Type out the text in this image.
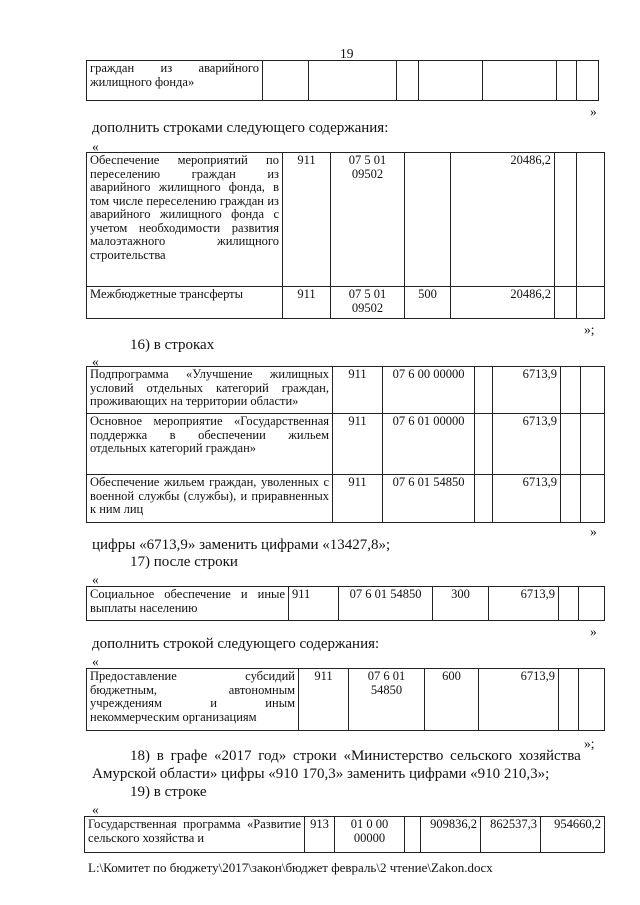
19
граждан из аварийного жилищного фонда»							
»
дополнить строками следующего содержания:
«
Обеспечение мероприятий по переселению граждан из аварийного жилищного фонда, в том числе переселению граждан из аварийного жилищного фонда с учетом необходимости развития малоэтажного жилищного строительства	911	07 5 01 09502		20486,2		
Межбюджетные трансферты	911	07 5 01 09502	500	20486,2		
»;
16) в строках
«
Подпрограмма «Улучшение жилищных условий отдельных категорий граждан, проживающих на территории области»	911	07 6 00 00000		6713,9		
Основное мероприятие «Государственная поддержка в обеспечении жильем отдельных категорий граждан»	911	07 6 01 00000		6713,9		
Обеспечение жильем граждан, уволенных с военной службы (службы), и приравненных к ним лиц	911	07 6 01 54850		6713,9		
»
цифры «6713,9» заменить цифрами «13427,8»;
17) после строки
«
Социальное обеспечение и иные выплаты населению	911	07 6 01 54850	300	6713,9		
»
дополнить строкой следующего содержания:
«
Предоставление субсидий бюджетным, автономным учреждениям и иным некоммерческим организациям	911	07 6 01 54850	600	6713,9		
»;
18) в графе «2017 год» строки «Министерство сельского хозяйства
Амурской области» цифры «910 170,3» заменить цифрами «910 210,3»;
19) в строке
«
Государственная программа «Развитие сельского хозяйства и	913	01 0 00 00000		909836,2	862537,3	954660,2
L:\Комитет по бюджету\2017\закон\бюджет февраль\2 чтение\Zakon.docx
